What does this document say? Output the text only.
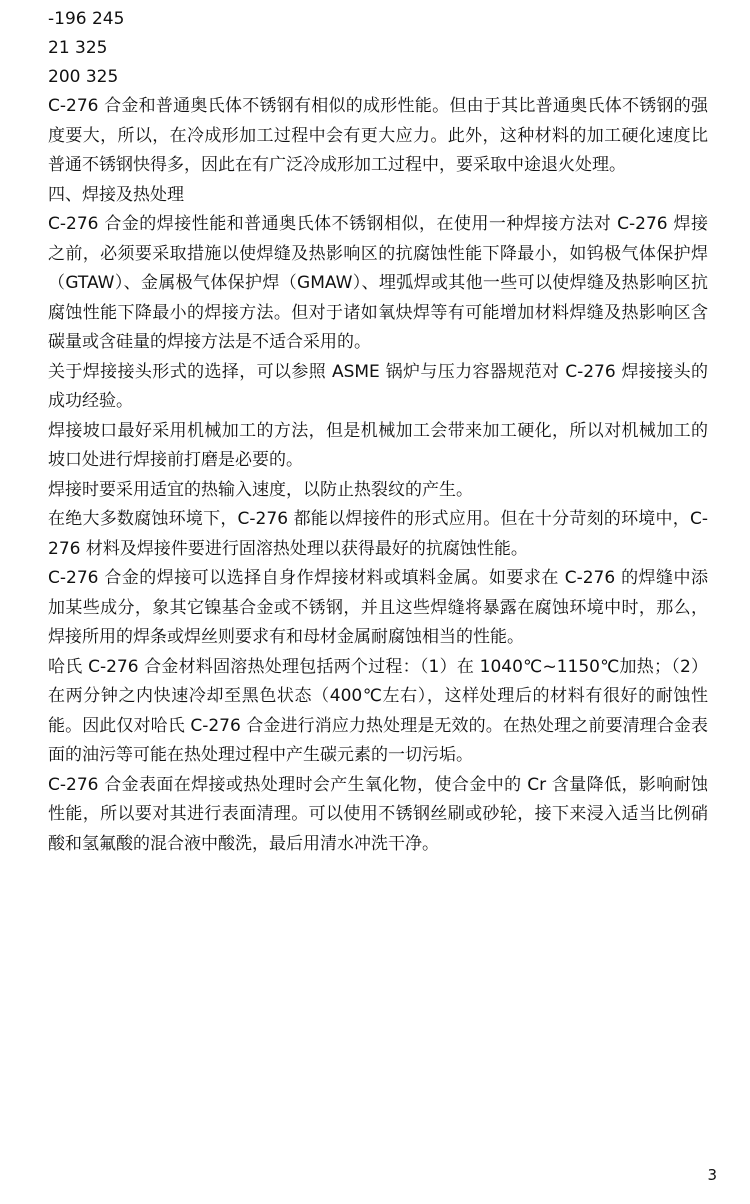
-196 245

21 325

200 325

C-276 合金和普通奥氏体不锈钢有相似的成形性能。但由于其比普通奥氏体不锈钢的强度要大，所以，在冷成形加工过程中会有更大应力。此外，这种材料的加工硬化速度比普通不锈钢快得多，因此在有广泛冷成形加工过程中，要采取中途退火处理。

四、焊接及热处理

C-276 合金的焊接性能和普通奥氏体不锈钢相似，在使用一种焊接方法对 C-276 焊接之前，必须要采取措施以使焊缝及热影响区的抗腐蚀性能下降最小，如钨极气体保护焊（GTAW）、金属极气体保护焊（GMAW）、埋弧焊或其他一些可以使焊缝及热影响区抗腐蚀性能下降最小的焊接方法。但对于诸如氧炔焊等有可能增加材料焊缝及热影响区含碳量或含硅量的焊接方法是不适合采用的。

关于焊接接头形式的选择，可以参照 ASME 锅炉与压力容器规范对 C-276 焊接接头的成功经验。

焊接坡口最好采用机械加工的方法，但是机械加工会带来加工硬化，所以对机械加工的坡口处进行焊接前打磨是必要的。

焊接时要采用适宜的热输入速度，以防止热裂纹的产生。

在绝大多数腐蚀环境下，C-276 都能以焊接件的形式应用。但在十分苛刻的环境中，C-276 材料及焊接件要进行固溶热处理以获得最好的抗腐蚀性能。

C-276 合金的焊接可以选择自身作焊接材料或填料金属。如要求在 C-276 的焊缝中添加某些成分，象其它镍基合金或不锈钢，并且这些焊缝将暴露在腐蚀环境中时，那么，焊接所用的焊条或焊丝则要求有和母材金属耐腐蚀相当的性能。

哈氏 C-276 合金材料固溶热处理包括两个过程：（1）在 1040℃~1150℃加热；（2）在两分钟之内快速冷却至黑色状态（400℃左右），这样处理后的材料有很好的耐蚀性能。因此仅对哈氏 C-276 合金进行消应力热处理是无效的。在热处理之前要清理合金表面的油污等可能在热处理过程中产生碳元素的一切污垢。

C-276 合金表面在焊接或热处理时会产生氧化物，使合金中的 Cr 含量降低，影响耐蚀性能，所以要对其进行表面清理。可以使用不锈钢丝刷或砂轮，接下来浸入适当比例硝酸和氢氟酸的混合液中酸洗，最后用清水冲洗干净。

3
